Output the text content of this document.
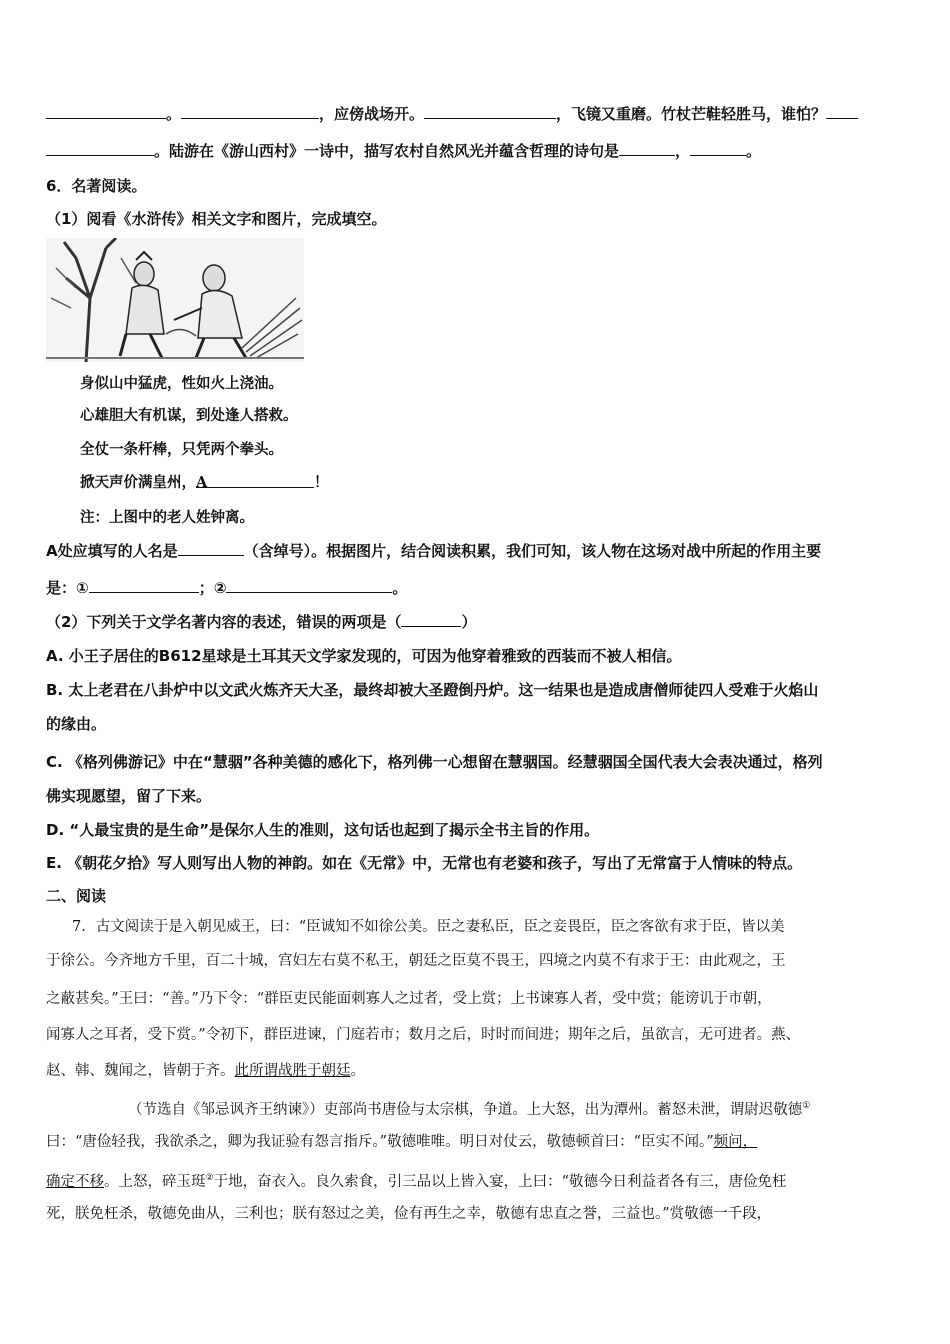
。	，应傍战场开。	，飞镜又重磨。竹杖芒鞋轻胜马，谁怕？
。陆游在《游山西村》一诗中，描写农村自然风光并蕴含哲理的诗句是	，	。
6．名著阅读。
（1）阅看《水浒传》相关文字和图片，完成填空。
身似山中猛虎，性如火上浇油。
心雄胆大有机谋，到处逢人搭救。
全仗一条杆棒，只凭两个拳头。
掀天声价满皇州，A	！
注：上图中的老人姓钟离。
A处应填写的人名是	（含绰号）。根据图片，结合阅读积累，我们可知，该人物在这场对战中所起的作用主要
是：①	；②	。
（2）下列关于文学名著内容的表述，错误的两项是（	）
A. 小王子居住的B612星球是土耳其天文学家发现的，可因为他穿着雅致的西装而不被人相信。
B. 太上老君在八卦炉中以文武火炼齐天大圣，最终却被大圣蹬倒丹炉。这一结果也是造成唐僧师徒四人受难于火焰山
的缘由。
C. 《格列佛游记》中在“慧骃”各种美德的感化下，格列佛一心想留在慧骃国。经慧骃国全国代表大会表决通过，格列
佛实现愿望，留了下来。
D. “人最宝贵的是生命”是保尔人生的准则，这句话也起到了揭示全书主旨的作用。
E. 《朝花夕拾》写人则写出人物的神韵。如在《无常》中，无常也有老婆和孩子，写出了无常富于人情味的特点。
二、阅读
7．古文阅读于是入朝见威王，曰：“臣诚知不如徐公美。臣之妻私臣，臣之妾畏臣，臣之客欲有求于臣，皆以美
于徐公。今齐地方千里，百二十城，宫妇左右莫不私王，朝廷之臣莫不畏王，四境之内莫不有求于王：由此观之，王
之蔽甚矣。”王曰：“善。”乃下令：“群臣吏民能面刺寡人之过者，受上赏；上书谏寡人者，受中赏；能谤讥于市朝，
闻寡人之耳者，受下赏。”令初下，群臣进谏，门庭若市；数月之后，时时而间进；期年之后，虽欲言，无可进者。燕、
赵、韩、魏闻之，皆朝于齐。此所谓战胜于朝廷。
（节选自《邹忌讽齐王纳谏》）吏部尚书唐俭与太宗棋，争道。上大怒，出为潭州。蓄怒未泄，谓尉迟敬德①
曰：“唐俭轻我，我欲杀之，卿为我证验有怨言指斥。”敬德唯唯。明日对仗云，敬德顿首曰：“臣实不闻。”频问，
确定不移。上怒，碎玉珽②于地，奋衣入。良久索食，引三品以上皆入宴，上曰：“敬德今日利益者各有三，唐俭免枉
死，朕免枉杀，敬德免曲从，三利也；朕有怒过之美，俭有再生之幸，敬德有忠直之誉，三益也。”赏敬德一千段，
